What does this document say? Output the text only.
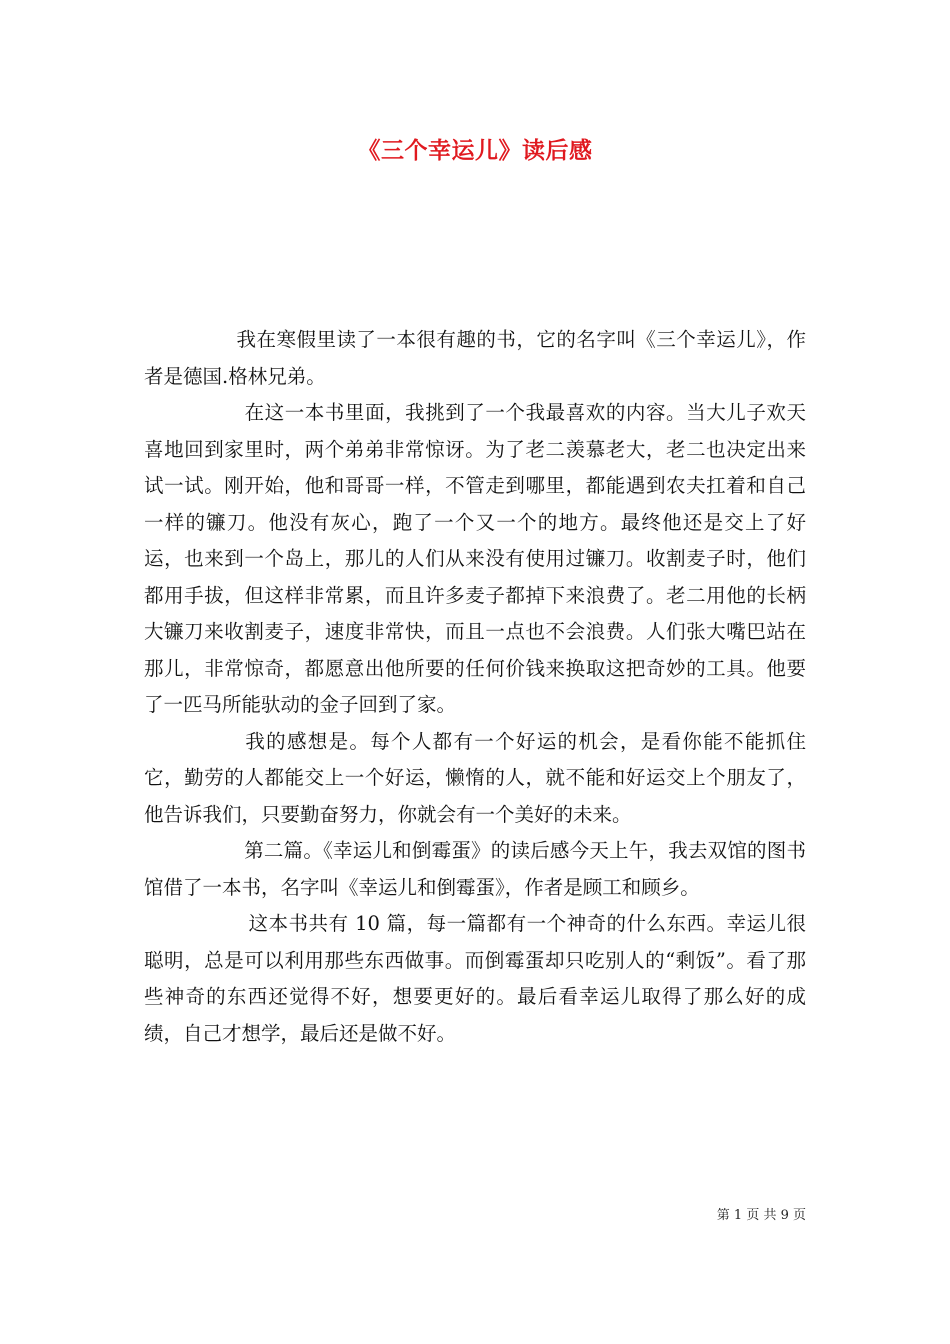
《三个幸运儿》读后感

我在寒假里读了一本很有趣的书，它的名字叫《三个幸运儿》，作者是德国.格林兄弟。

在这一本书里面，我挑到了一个我最喜欢的内容。当大儿子欢天喜地回到家里时，两个弟弟非常惊讶。为了老二羡慕老大，老二也决定出来试一试。刚开始，他和哥哥一样，不管走到哪里，都能遇到农夫扛着和自己一样的镰刀。他没有灰心，跑了一个又一个的地方。最终他还是交上了好运，也来到一个岛上，那儿的人们从来没有使用过镰刀。收割麦子时，他们都用手拔，但这样非常累，而且许多麦子都掉下来浪费了。老二用他的长柄大镰刀来收割麦子，速度非常快，而且一点也不会浪费。人们张大嘴巴站在那儿，非常惊奇，都愿意出他所要的任何价钱来换取这把奇妙的工具。他要了一匹马所能驮动的金子回到了家。

我的感想是。每个人都有一个好运的机会，是看你能不能抓住它，勤劳的人都能交上一个好运，懒惰的人，就不能和好运交上个朋友了，他告诉我们，只要勤奋努力，你就会有一个美好的未来。

第二篇。《幸运儿和倒霉蛋》的读后感今天上午，我去双馆的图书馆借了一本书，名字叫《幸运儿和倒霉蛋》，作者是顾工和顾乡。

这本书共有 10 篇，每一篇都有一个神奇的什么东西。幸运儿很聪明，总是可以利用那些东西做事。而倒霉蛋却只吃别人的“剩饭”。看了那些神奇的东西还觉得不好，想要更好的。最后看幸运儿取得了那么好的成绩，自己才想学，最后还是做不好。

第 1 页 共 9 页
